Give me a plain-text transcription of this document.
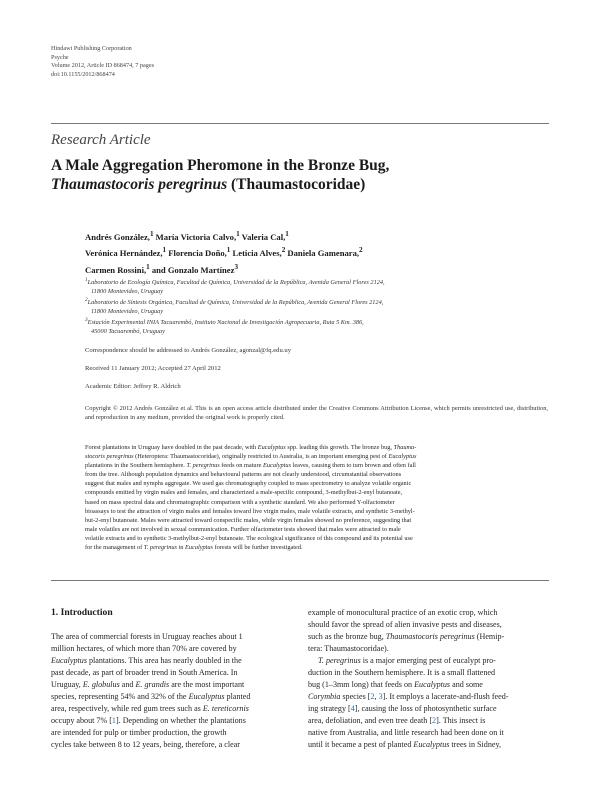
Hindawi Publishing Corporation
Psyche
Volume 2012, Article ID 868474, 7 pages
doi:10.1155/2012/868474
Research Article
A Male Aggregation Pheromone in the Bronze Bug,
Thaumastocoris peregrinus (Thaumastocoridae)
Andrés González,$^1$ María Victoria Calvo,$^1$ Valeria Cal,$^1$
Verónica Hernández,$^1$ Florencia Doño,$^1$ Leticia Alves,$^2$ Daniela Gamenara,$^2$
Carmen Rossini,$^1$ and Gonzalo Martínez$^3$
$^1$Laboratorio de Ecología Química, Facultad de Química, Universidad de la República, Avenida General Flores 2124,
11800 Montevideo, Uruguay
$^2$Laboratorio de Síntesis Orgánica, Facultad de Química, Universidad de la República, Avenida General Flores 2124,
11800 Montevideo, Uruguay
$^3$Estación Experimental INIA Tacuarembó, Instituto Nacional de Investigación Agropecuaria, Ruta 5 Km. 386,
45000 Tacuarembó, Uruguay
Correspondence should be addressed to Andrés González, agonzal@fq.edu.uy
Received 11 January 2012; Accepted 27 April 2012
Academic Editor: Jeffrey R. Aldrich
Copyright © 2012 Andrés González et al. This is an open access article distributed under the Creative Commons Attribution License, which permits unrestricted use, distribution, and reproduction in any medium, provided the original work is properly cited.
Forest plantations in Uruguay have doubled in the past decade, with Eucalyptus spp. leading this growth. The bronze bug, Thauma-
stocoris peregrinus (Heteroptera: Thaumastocoridae), originally restricted to Australia, is an important emerging pest of Eucalyptus
plantations in the Southern hemisphere. T. peregrinus feeds on mature Eucalyptus leaves, causing them to turn brown and often fall
from the tree. Although population dynamics and behavioural patterns are not clearly understood, circumstantial observations
suggest that males and nymphs aggregate. We used gas chromatography coupled to mass spectrometry to analyze volatile organic
compounds emitted by virgin males and females, and characterized a male-specific compound, 3-methylbut-2-enyl butanoate,
based on mass spectral data and chromatographic comparison with a synthetic standard. We also performed Y-olfactometer
bioassays to test the attraction of virgin males and females toward live virgin males, male volatile extracts, and synthetic 3-methyl-
but-2-enyl butanoate. Males were attracted toward conspecific males, while virgin females showed no preference, suggesting that
male volatiles are not involved in sexual communication. Further olfactometer tests showed that males were attracted to male
volatile extracts and to synthetic 3-methylbut-2-enyl butanoate. The ecological significance of this compound and its potential use
for the management of T. peregrinus in Eucalyptus forests will be further investigated.
1. Introduction
The area of commercial forests in Uruguay reaches about 1
million hectares, of which more than 70% are covered by
Eucalyptus plantations. This area has nearly doubled in the
past decade, as part of broader trend in South America. In
Uruguay, E. globulus and E. grandis are the most important
species, representing 54% and 32% of the Eucalyptus planted
area, respectively, while red gum trees such as E. tereticornis
occupy about 7% [1]. Depending on whether the plantations
are intended for pulp or timber production, the growth
cycles take between 8 to 12 years, being, therefore, a clear
example of monocultural practice of an exotic crop, which
should favor the spread of alien invasive pests and diseases,
such as the bronze bug, Thaumastocoris peregrinus (Hemip-
tera: Thaumastocoridae).
T. peregrinus is a major emerging pest of eucalypt pro-
duction in the Southern hemisphere. It is a small flattened
bug (1–3mm long) that feeds on Eucalyptus and some
Corymbia species [2, 3]. It employs a lacerate-and-flush feed-
ing strategy [4], causing the loss of photosynthetic surface
area, defoliation, and even tree death [2]. This insect is
native from Australia, and little research had been done on it
until it became a pest of planted Eucalyptus trees in Sidney,
